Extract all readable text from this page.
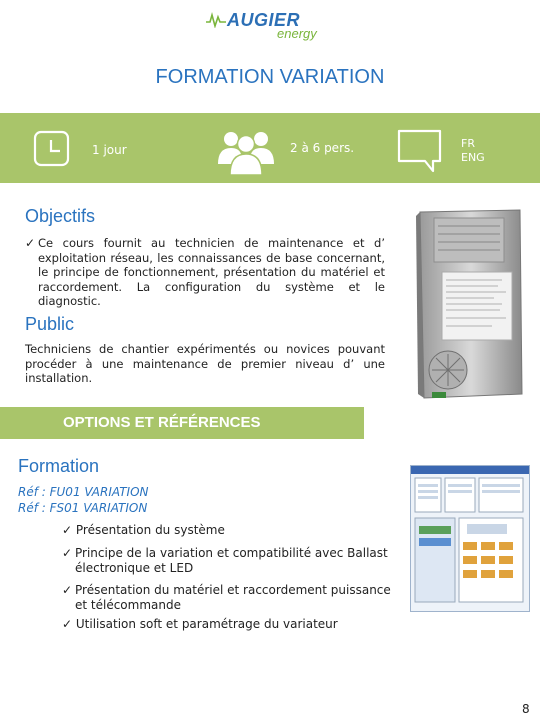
AUGIER
energy
FORMATION VARIATION
1 jour	2 à 6 pers.	FR
ENG
Objectifs
✓ Ce cours fournit au technicien de maintenance et d’ exploitation réseau, les connaissances de base concernant, le principe de fonctionnement, présentation du matériel et raccordement. La configuration du système et le diagnostic.
Public
Techniciens de chantier expérimentés ou novices pouvant procéder à une maintenance de premier niveau d’ une installation.
OPTIONS ET RÉFÉRENCES
Formation
Réf : FU01 VARIATION
Réf : FS01 VARIATION
✓ Présentation du système
✓ Principe de la variation et compatibilité avec Ballast électronique et LED
✓ Présentation du matériel et raccordement puissance et télécommande
✓ Utilisation soft et paramétrage du variateur
8
